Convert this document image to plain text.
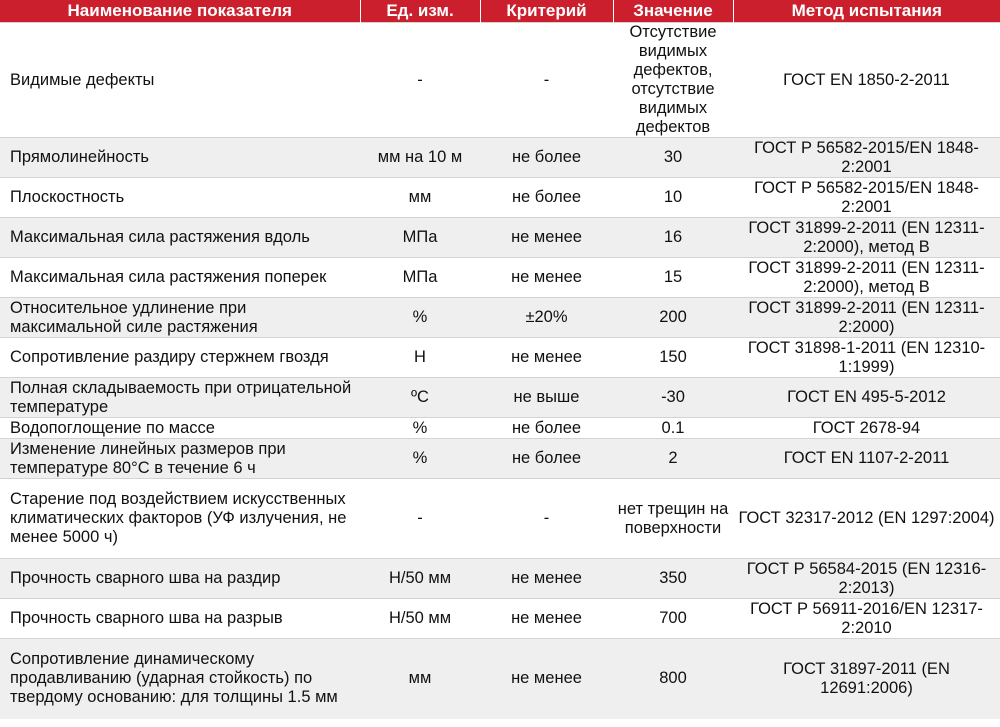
Наименование показателя	Ед. изм.	Критерий	Значение	Метод испытания
Видимые дефекты	-	-	Отсутствие видимых дефектов, отсутствие видимых дефектов	ГОСТ EN 1850-2-2011
Прямолинейность	мм на 10 м	не более	30	ГОСТ Р 56582-2015/EN 1848-2:2001
Плоскостность	мм	не более	10	ГОСТ Р 56582-2015/EN 1848-2:2001
Максимальная сила растяжения вдоль	МПа	не менее	16	ГОСТ 31899-2-2011 (EN 12311-2:2000), метод В
Максимальная сила растяжения поперек	МПа	не менее	15	ГОСТ 31899-2-2011 (EN 12311-2:2000), метод В
Относительное удлинение при максимальной силе растяжения	%	±20%	200	ГОСТ 31899-2-2011 (EN 12311-2:2000)
Сопротивление раздиру стержнем гвоздя	Н	не менее	150	ГОСТ 31898-1-2011 (EN 12310-1:1999)
Полная складываемость при отрицательной температуре	ºС	не выше	-30	ГОСТ EN 495-5-2012
Водопоглощение по массе	%	не более	0.1	ГОСТ 2678-94
Изменение линейных размеров при температуре 80°С в течение 6 ч	%	не более	2	ГОСТ EN 1107-2-2011
Старение под воздействием искусственных климатических факторов (УФ излучения, не менее 5000 ч)	-	-	нет трещин на поверхности	ГОСТ 32317-2012 (EN 1297:2004)
Прочность сварного шва на раздир	Н/50 мм	не менее	350	ГОСТ Р 56584-2015 (EN 12316-2:2013)
Прочность сварного шва на разрыв	Н/50 мм	не менее	700	ГОСТ Р 56911-2016/EN 12317-2:2010
Сопротивление динамическому продавливанию (ударная стойкость) по твердому основанию: для толщины 1.5 мм	мм	не менее	800	ГОСТ 31897-2011 (EN 12691:2006)
